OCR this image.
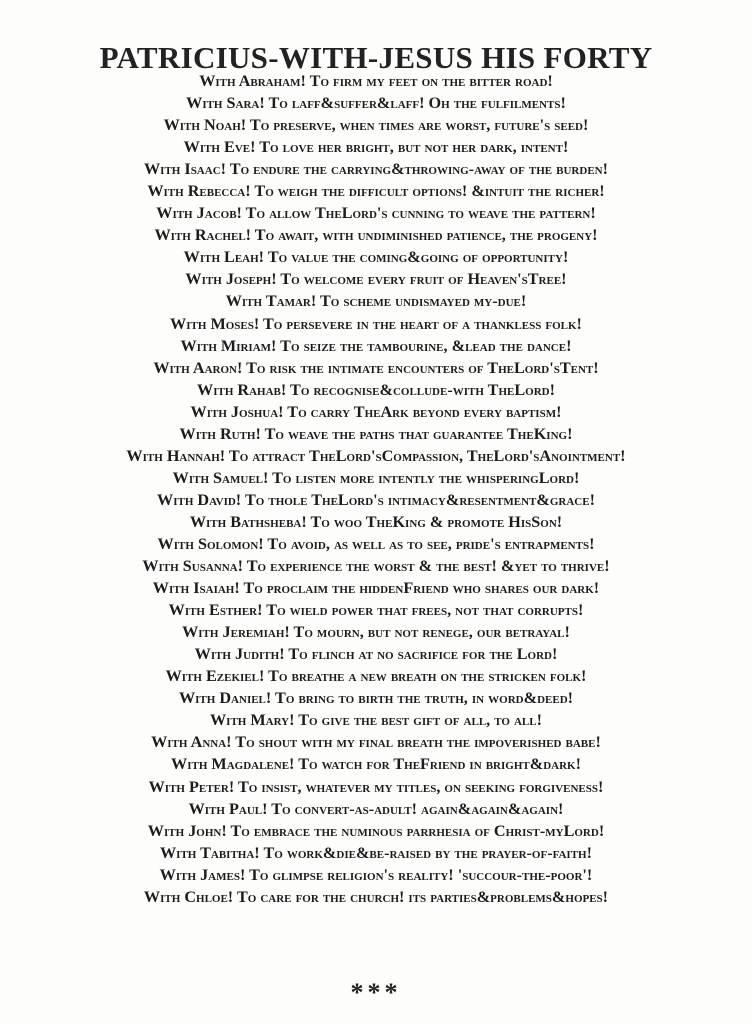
PATRICIUS-WITH-JESUS HIS FORTY
With Abraham! To firm my feet on the bitter road!
With Sara! To laff&suffer&laff! Oh the fulfilments!
With Noah! To preserve, when times are worst, future's seed!
With Eve! To love her bright, but not her dark, intent!
With Isaac! To endure the carrying&throwing-away of the burden!
With Rebecca! To weigh the difficult options! &intuit the richer!
With Jacob! To allow TheLord's cunning to weave the pattern!
With Rachel! To await, with undiminished patience, the progeny!
With Leah! To value the coming&going of opportunity!
With Joseph! To welcome every fruit of Heaven'sTree!
With Tamar! To scheme undismayed my-due!
With Moses! To persevere in the heart of a thankless folk!
With Miriam! To seize the tambourine, &lead the dance!
With Aaron! To risk the intimate encounters of TheLord'sTent!
With Rahab! To recognise&collude-with TheLord!
With Joshua! To carry TheArk beyond every baptism!
With Ruth! To weave the paths that guarantee TheKing!
With Hannah! To attract TheLord'sCompassion, TheLord'sAnointment!
With Samuel! To listen more intently the whisperingLord!
With David! To thole TheLord's intimacy&resentment&grace!
With Bathsheba! To woo TheKing & promote HisSon!
With Solomon! To avoid, as well as to see, pride's entrapments!
With Susanna! To experience the worst & the best! &yet to thrive!
With Isaiah! To proclaim the hiddenFriend who shares our dark!
With Esther! To wield power that frees, not that corrupts!
With Jeremiah! To mourn, but not renege, our betrayal!
With Judith! To flinch at no sacrifice for the Lord!
With Ezekiel! To breathe a new breath on the stricken folk!
With Daniel! To bring to birth the truth, in word&deed!
With Mary! To give the best gift of all, to all!
With Anna! To shout with my final breath the impoverished babe!
With Magdalene! To watch for TheFriend in bright&dark!
With Peter! To insist, whatever my titles, on seeking forgiveness!
With Paul! To convert-as-adult! again&again&again!
With John! To embrace the numinous parrhesia of Christ-myLord!
With Tabitha! To work&die&be-raised by the prayer-of-faith!
With James! To glimpse religion's reality! 'succour-the-poor'!
With Chloe! To care for the church! its parties&problems&hopes!
***
